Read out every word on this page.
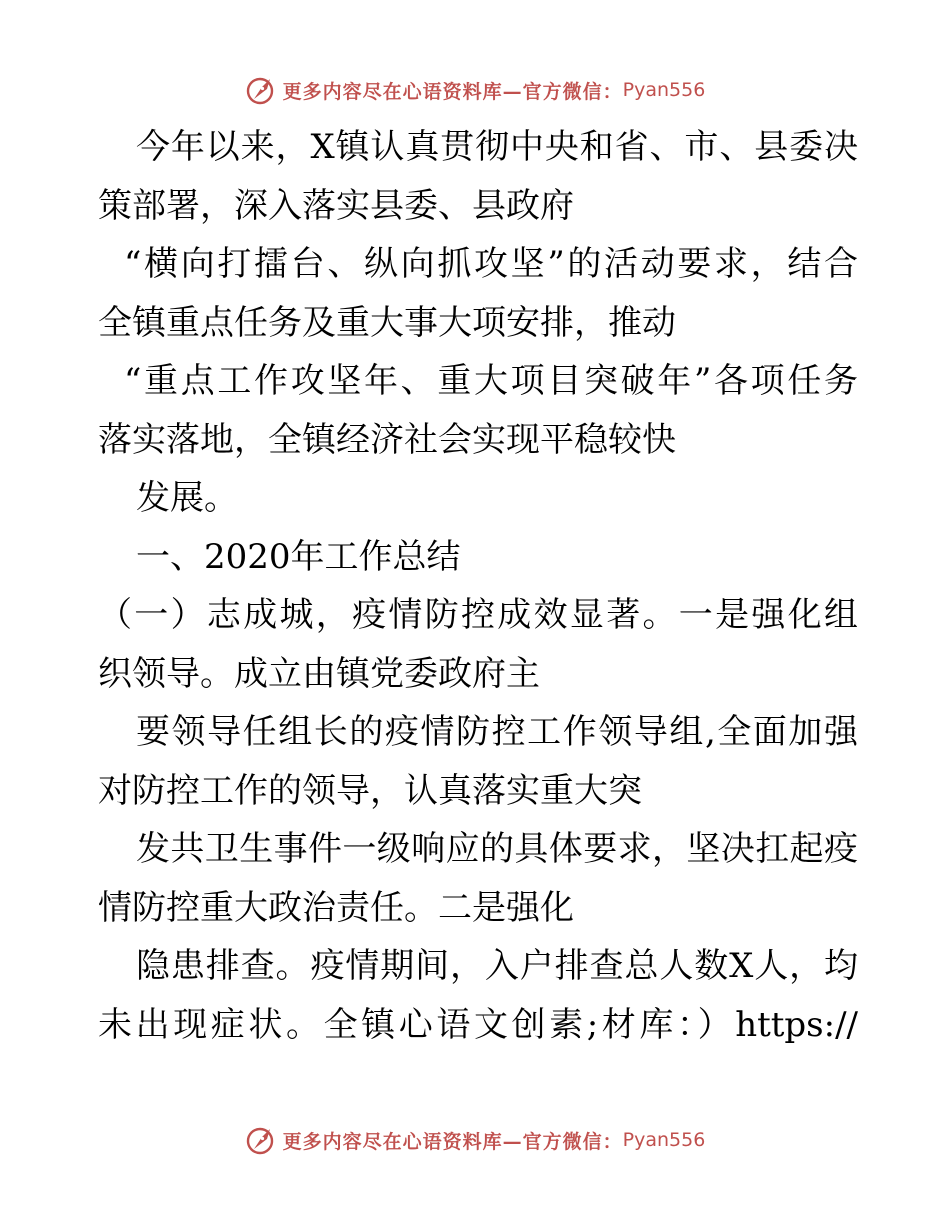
更多内容尽在心语资料库—官方微信： Pyan556
今年以来，X镇认真贯彻中央和省、市、县委决
策部署，深入落实县委、县政府
“横向打擂台、纵向抓攻坚”的活动要求，结合
全镇重点任务及重大事大项安排，推动
“重点工作攻坚年、重大项目突破年”各项任务
落实落地，全镇经济社会实现平稳较快
发展。
一、2020年工作总结
（一）志成城，疫情防控成效显著。一是强化组
织领导。成立由镇党委政府主
要领导任组长的疫情防控工作领导组,全面加强
对防控工作的领导，认真落实重大突
发共卫生事件一级响应的具体要求，坚决扛起疫
情防控重大政治责任。二是强化
隐患排查。疫情期间，入户排查总人数X人，均
未出现症状。全镇心语文创素;材库：）https://
更多内容尽在心语资料库—官方微信： Pyan556
